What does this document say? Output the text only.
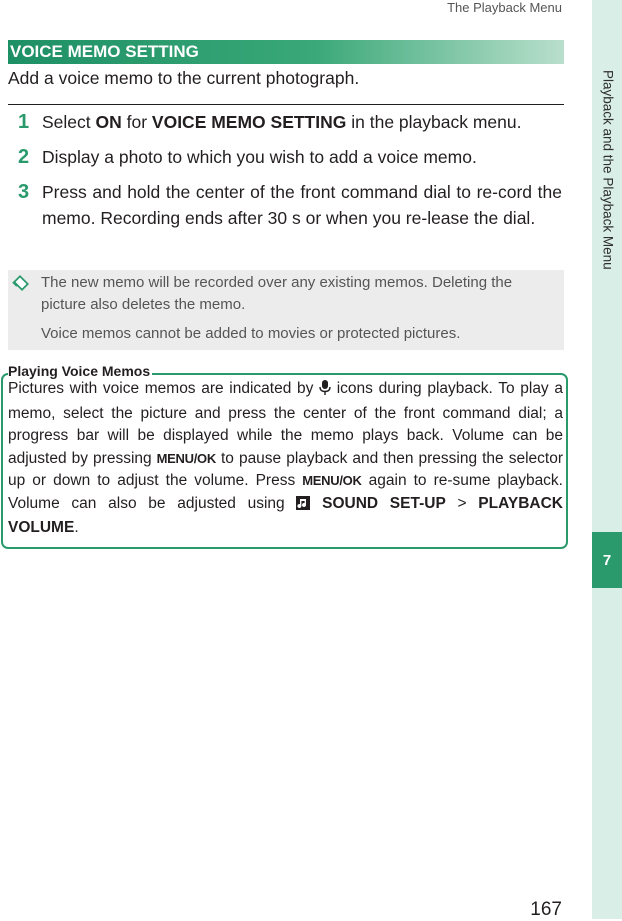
The Playback Menu
Playback and the Playback Menu
7
VOICE MEMO SETTING
Add a voice memo to the current photograph.
1 Select ON for VOICE MEMO SETTING in the playback menu.
2 Display a photo to which you wish to add a voice memo.
3 Press and hold the center of the front command dial to re-cord the memo. Recording ends after 30 s or when you re-lease the dial.

The new memo will be recorded over any existing memos. Deleting the picture also deletes the memo.

Voice memos cannot be added to movies or protected pictures.

Playing Voice Memos
Pictures with voice memos are indicated by  icons during playback. To play a memo, select the picture and press the center of the front command dial; a progress bar will be displayed while the memo plays back. Volume can be adjusted by pressing MENU/OK to pause playback and then pressing the selector up or down to adjust the volume. Press MENU/OK again to re-sume playback. Volume can also be adjusted using  SOUND SET-UP > PLAYBACK VOLUME.
167
